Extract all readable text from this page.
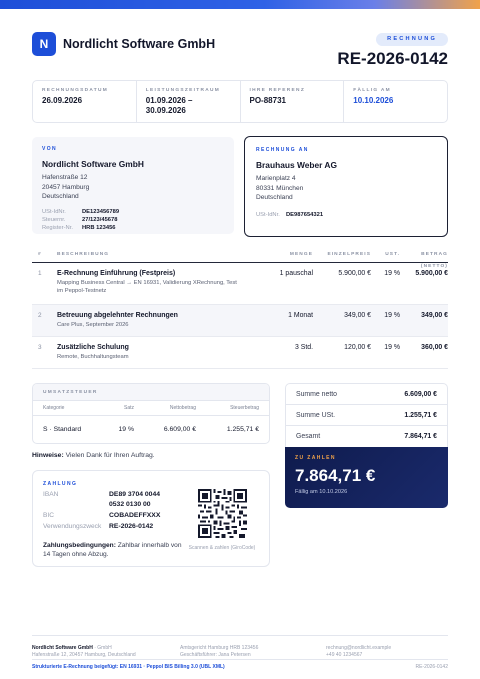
N	Nordlicht Software GmbH	RECHNUNG
RE-2026-0142
RECHNUNGSDATUM
26.09.2026
LEISTUNGSZEITRAUM
01.09.2026 – 30.09.2026
IHRE REFERENZ
PO-88731
FÄLLIG AM
10.10.2026
VON
Nordlicht Software GmbH
Hafenstraße 12
20457 Hamburg
Deutschland
USt-IdNr.	DE123456789
Steuernr.	27/123/45678
Register-Nr.	HRB 123456
RECHNUNG AN
Brauhaus Weber AG
Marienplatz 4
80331 München
Deutschland
USt-IdNr.	DE987654321
#	BESCHREIBUNG	MENGE	EINZELPREIS	UST.	BETRAG (NETTO)
1	E-Rechnung Einführung (Festpreis)
Mapping Business Central → EN 16931, Validierung XRechnung, Test im Peppol-Testnetz
1 pauschal	5.900,00 €	19 %	5.900,00 €
2	Betreuung abgelehnter Rechnungen
Care Plus, September 2026
1 Monat	349,00 €	19 %	349,00 €
3	Zusätzliche Schulung
Remote, Buchhaltungsteam
3 Std.	120,00 €	19 %	360,00 €
UMSATZSTEUER
Kategorie	Satz	Nettobetrag	Steuerbetrag
S · Standard	19 %	6.609,00 €	1.255,71 €
Hinweise: Vielen Dank für Ihren Auftrag.
ZAHLUNG
IBAN	DE89 3704 0044
0532 0130 00
BIC	COBADEFFXXX
Verwendungszweck RE-2026-0142
Zahlungsbedingungen: Zahlbar innerhalb von 14 Tagen ohne Abzug.
Scannen & zahlen (GiroCode)
Summe netto	6.609,00 €
Summe USt.	1.255,71 €
Gesamt	7.864,71 €
ZU ZAHLEN
7.864,71 €
Fällig am 10.10.2026
Nordlicht Software GmbH · GmbH
Hafenstraße 12, 20457 Hamburg, Deutschland
Amtsgericht Hamburg HRB 123456
Geschäftsführer: Jana Petersen
rechnung@nordlicht.example
+49 40 1234567
Strukturierte E-Rechnung beigefügt: EN 16931 · Peppol BIS Billing 3.0 (UBL XML)	RE-2026-0142
